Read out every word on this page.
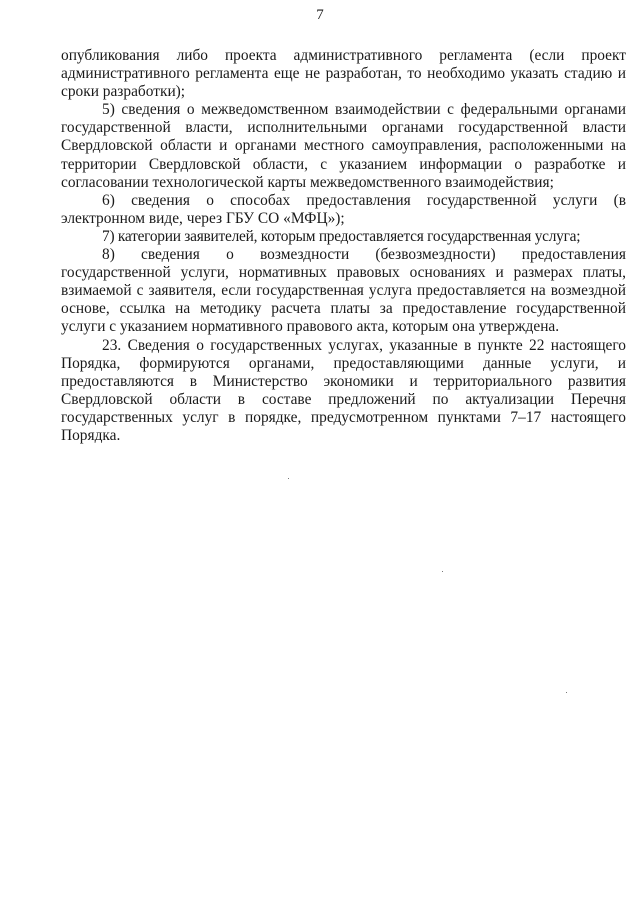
7

опубликования либо проекта административного регламента (если проект административного регламента еще не разработан, то необходимо указать стадию и сроки разработки);

5) сведения о межведомственном взаимодействии с федеральными органами государственной власти, исполнительными органами государственной власти Свердловской области и органами местного самоуправления, расположенными на территории Свердловской области, с указанием информации о разработке и согласовании технологической карты межведомственного взаимодействия;

6) сведения о способах предоставления государственной услуги (в электронном виде, через ГБУ СО «МФЦ»);

7) категории заявителей, которым предоставляется государственная услуга;

8) сведения о возмездности (безвозмездности) предоставления государственной услуги, нормативных правовых основаниях и размерах платы, взимаемой с заявителя, если государственная услуга предоставляется на возмездной основе, ссылка на методику расчета платы за предоставление государственной услуги с указанием нормативного правового акта, которым она утверждена.

23. Сведения о государственных услугах, указанные в пункте 22 настоящего Порядка, формируются органами, предоставляющими данные услуги, и предоставляются в Министерство экономики и территориального развития Свердловской области в составе предложений по актуализации Перечня государственных услуг в порядке, предусмотренном пунктами 7–17 настоящего Порядка.
